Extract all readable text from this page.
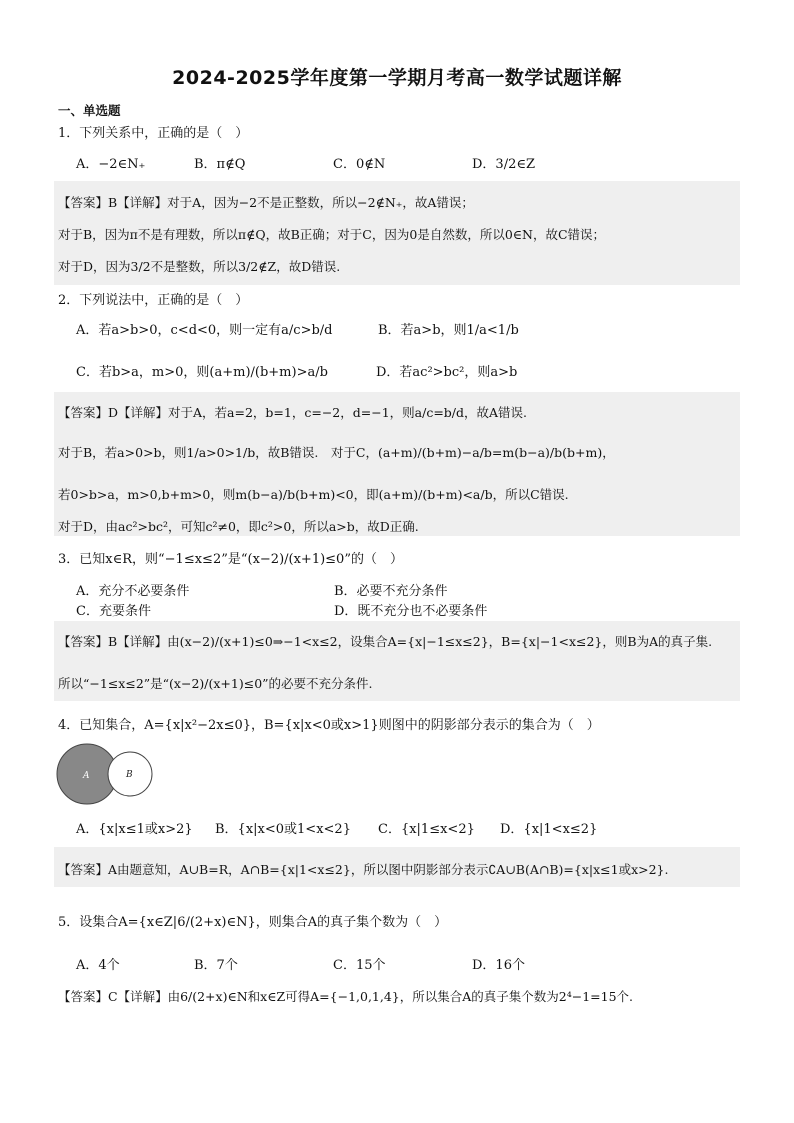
2024-2025学年度第一学期月考高一数学试题详解
一、单选题
1．下列关系中，正确的是（　）
A．−2∈N₊	B．π∉Q	C．0∉N	D．3/2∈Z
【答案】B【详解】对于A，因为−2不是正整数，所以−2∉N₊，故A错误；
对于B，因为π不是有理数，所以π∉Q，故B正确；对于C，因为0是自然数，所以0∈N，故C错误；
对于D，因为3/2不是整数，所以3/2∉Z，故D错误.
2．下列说法中，正确的是（　）
A．若a>b>0，c<d<0，则一定有a/c>b/d	B．若a>b，则1/a<1/b
C．若b>a，m>0，则(a+m)/(b+m)>a/b	D．若ac²>bc²，则a>b
【答案】D【详解】对于A，若a=2，b=1，c=−2，d=−1，则a/c=b/d，故A错误.
对于B，若a>0>b，则1/a>0>1/b，故B错误.　对于C，(a+m)/(b+m)−a/b=m(b−a)/b(b+m)，
若0>b>a，m>0,b+m>0，则m(b−a)/b(b+m)<0，即(a+m)/(b+m)<a/b，所以C错误.
对于D，由ac²>bc²，可知c²≠0，即c²>0，所以a>b，故D正确.
3．已知x∈R，则“−1≤x≤2”是“(x−2)/(x+1)≤0”的（　）
A．充分不必要条件	B．必要不充分条件
C．充要条件	D．既不充分也不必要条件
【答案】B【详解】由(x−2)/(x+1)≤0⇒−1<x≤2，设集合A={x|−1≤x≤2}，B={x|−1<x≤2}，则B为A的真子集.
所以“−1≤x≤2”是“(x−2)/(x+1)≤0”的必要不充分条件.
4．已知集合，A={x|x²−2x≤0}，B={x|x<0或x>1}则图中的阴影部分表示的集合为（　）
A	B
A．{x|x≤1或x>2} B．{x|x<0或1<x<2} C．{x|1≤x<2} D．{x|1<x≤2}
【答案】A由题意知，A∪B=R，A∩B={x|1<x≤2}，所以图中阴影部分表示∁A∪B(A∩B)={x|x≤1或x>2}.
5．设集合A={x∈Z|6/(2+x)∈N}，则集合A的真子集个数为（　）
A．4个	B．7个	C．15个	D．16个
【答案】C【详解】由6/(2+x)∈N和x∈Z可得A={−1,0,1,4}，所以集合A的真子集个数为2⁴−1=15个.
